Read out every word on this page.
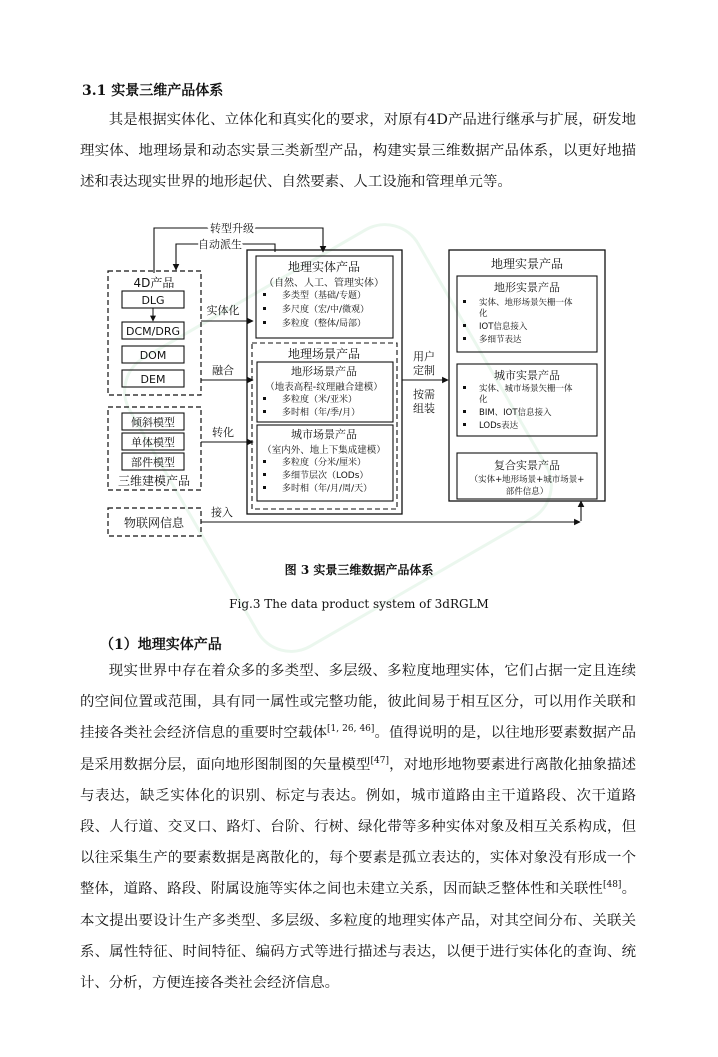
3.1 实景三维产品体系

其是根据实体化、立体化和真实化的要求，对原有4D产品进行继承与扩展，研发地理实体、地理场景和动态实景三类新型产品，构建实景三维数据产品体系，以更好地描述和表达现实世界的地形起伏、自然要素、人工设施和管理单元等。

转型升级
自动派生
4D产品
DLG
DCM/DRG
DOM
DEM
倾斜模型
单体模型
部件模型
三维建模产品
物联网信息
实体化
融合
转化
接入
地理实体产品
（自然、人工、管理实体）
多类型（基础/专题）
多尺度（宏/中/微观）
多粒度（整体/局部）
地理场景产品
地形场景产品
（地表高程-纹理融合建模）
多粒度（米/亚米）
多时相（年/季/月）
城市场景产品
（室内外、地上下集成建模）
多粒度（分米/厘米）
多细节层次（LODs）
多时相（年/月/周/天）
用户
定制
按需
组装
地理实景产品
地形实景产品
实体、地形场景矢栅一体
化
IOT信息接入
多细节表达
城市实景产品
实体、城市场景矢栅一体
化
BIM、IOT信息接入
LODs表达
复合实景产品
（实体+地形场景+城市场景+
部件信息）
图 3 实景三维数据产品体系
Fig.3 The data product system of 3dRGLM
（1）地理实体产品

现实世界中存在着众多的多类型、多层级、多粒度地理实体，它们占据一定且连续的空间位置或范围，具有同一属性或完整功能，彼此间易于相互区分，可以用作关联和挂接各类社会经济信息的重要时空载体[1, 26, 46]。值得说明的是，以往地形要素数据产品是采用数据分层，面向地形图制图的矢量模型[47]，对地形地物要素进行离散化抽象描述与表达，缺乏实体化的识别、标定与表达。例如，城市道路由主干道路段、次干道路段、人行道、交叉口、路灯、台阶、行树、绿化带等多种实体对象及相互关系构成，但以往采集生产的要素数据是离散化的，每个要素是孤立表达的，实体对象没有形成一个整体，道路、路段、附属设施等实体之间也未建立关系，因而缺乏整体性和关联性[48]。本文提出要设计生产多类型、多层级、多粒度的地理实体产品，对其空间分布、关联关系、属性特征、时间特征、编码方式等进行描述与表达，以便于进行实体化的查询、统计、分析，方便连接各类社会经济信息。
